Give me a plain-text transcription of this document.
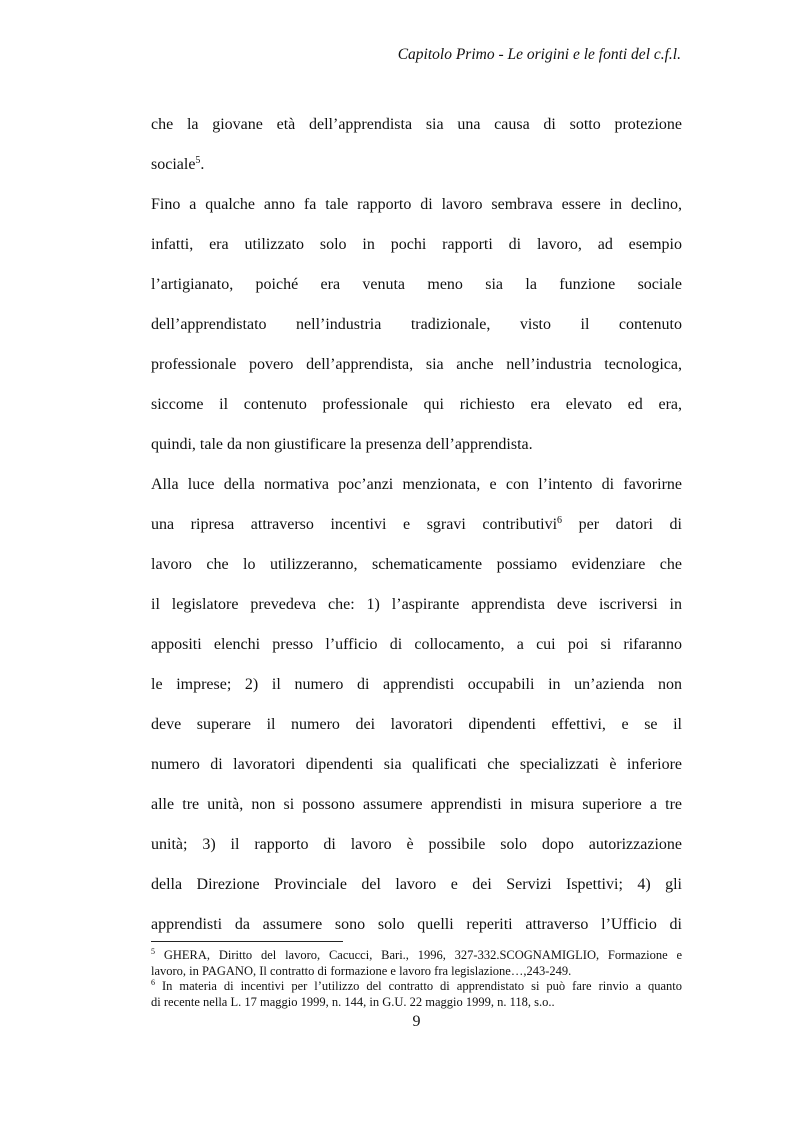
Capitolo Primo - Le origini e le fonti del c.f.l.
che la giovane età dell’apprendista sia una causa di sotto protezione
sociale$^5$.
Fino a qualche anno fa tale rapporto di lavoro sembrava essere in declino,
infatti, era utilizzato solo in pochi rapporti di lavoro, ad esempio
l’artigianato, poiché era venuta meno sia la funzione sociale
dell’apprendistato nell’industria tradizionale, visto il contenuto
professionale povero dell’apprendista, sia anche nell’industria tecnologica,
siccome il contenuto professionale qui richiesto era elevato ed era,
quindi, tale da non giustificare la presenza dell’apprendista.
Alla luce della normativa poc’anzi menzionata, e con l’intento di favorirne
una ripresa attraverso incentivi e sgravi contributivi$^6$ per datori di
lavoro che lo utilizzeranno, schematicamente possiamo evidenziare che
il legislatore prevedeva che: 1) l’aspirante apprendista deve iscriversi in
appositi elenchi presso l’ufficio di collocamento, a cui poi si rifaranno
le imprese; 2) il numero di apprendisti occupabili in un’azienda non
deve superare il numero dei lavoratori dipendenti effettivi, e se il
numero di lavoratori dipendenti sia qualificati che specializzati è inferiore
alle tre unità, non si possono assumere apprendisti in misura superiore a tre
unità; 3) il rapporto di lavoro è possibile solo dopo autorizzazione
della Direzione Provinciale del lavoro e dei Servizi Ispettivi; 4) gli
apprendisti da assumere sono solo quelli reperiti attraverso l’Ufficio di
$^5$ GHERA, Diritto del lavoro, Cacucci, Bari., 1996, 327-332.SCOGNAMIGLIO, Formazione e
lavoro, in PAGANO, Il contratto di formazione e lavoro fra legislazione…,243-249.
$^6$ In materia di incentivi per l’utilizzo del contratto di apprendistato si può fare rinvio a quanto
di recente nella L. 17 maggio 1999, n. 144, in G.U. 22 maggio 1999, n. 118, s.o..
9
